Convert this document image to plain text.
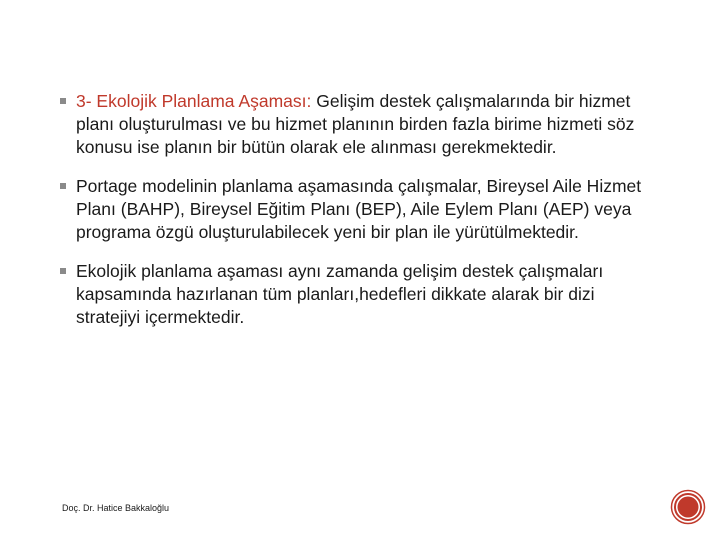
3- Ekolojik Planlama Aşaması: Gelişim destek çalışmalarında bir hizmet planı oluşturulması ve bu hizmet planının birden fazla birime hizmeti söz konusu ise planın bir bütün olarak ele alınması gerekmektedir.
Portage modelinin planlama aşamasında çalışmalar, Bireysel Aile Hizmet Planı (BAHP), Bireysel Eğitim Planı (BEP), Aile Eylem Planı (AEP) veya programa özgü oluşturulabilecek yeni bir plan ile yürütülmektedir.
Ekolojik planlama aşaması aynı zamanda gelişim destek çalışmaları kapsamında hazırlanan tüm planları,hedefleri dikkate alarak bir dizi stratejiyi içermektedir.
Doç. Dr. Hatice Bakkaloğlu
